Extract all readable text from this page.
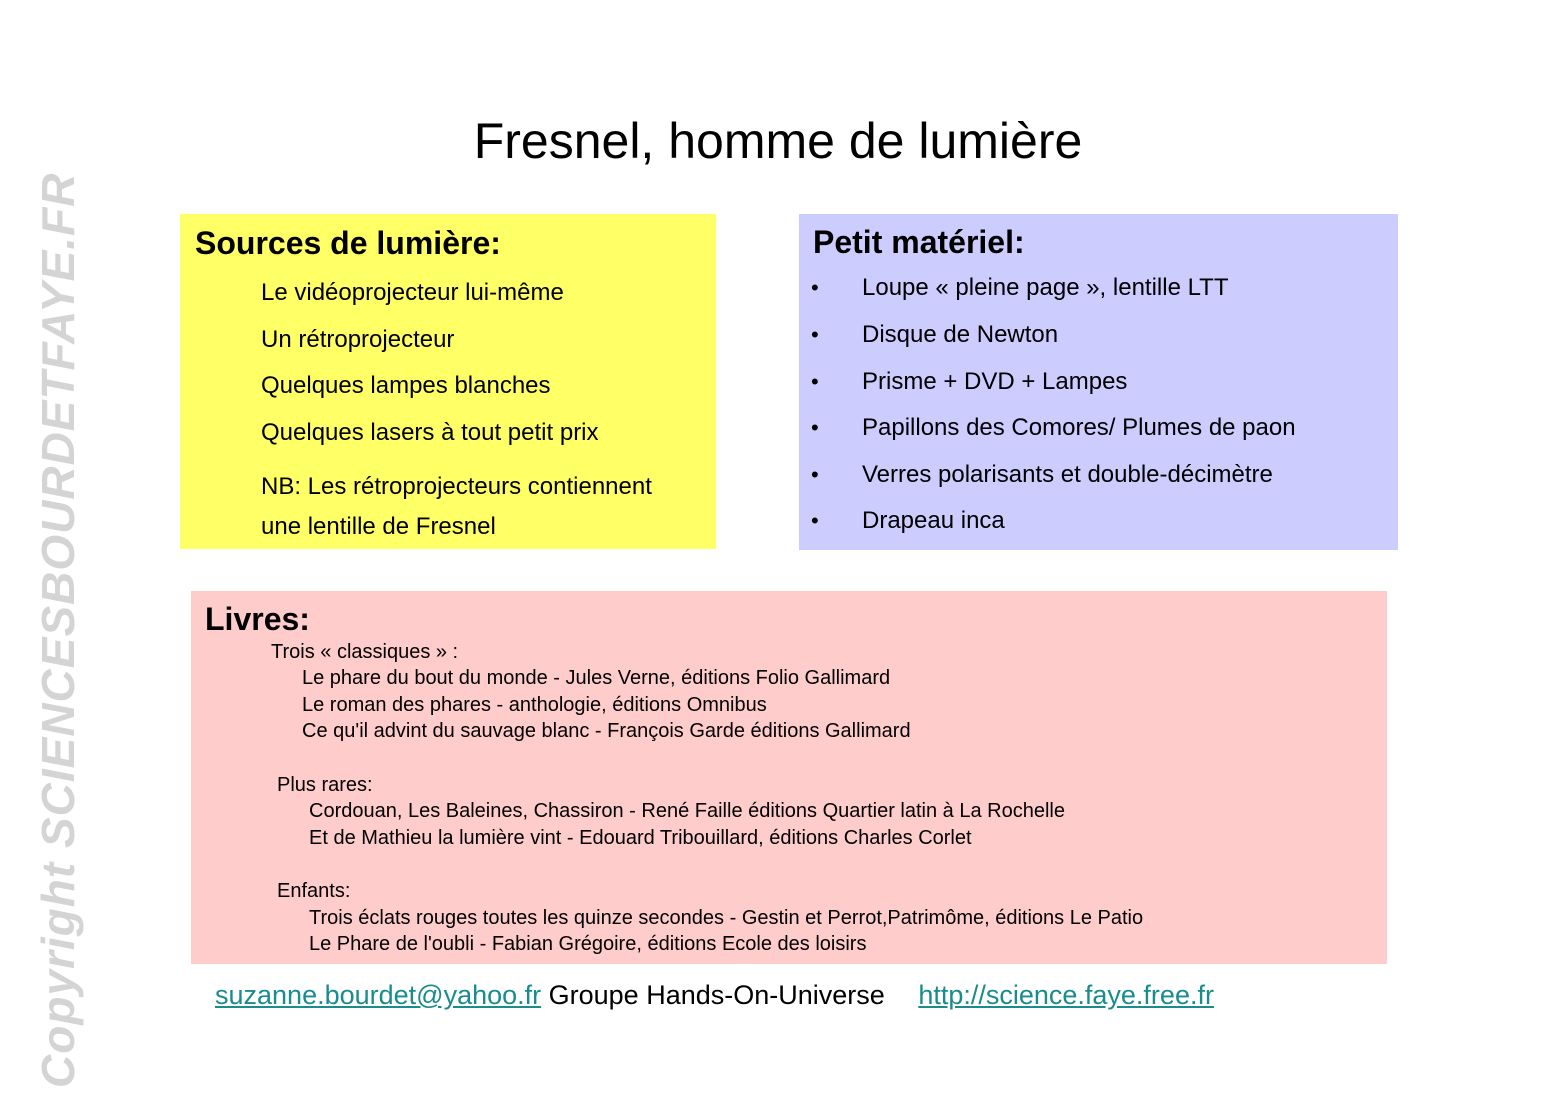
Copyright SCIENCESBOURDETFAYE.FR
Fresnel, homme de lumière
Sources de lumière:
Le vidéoprojecteur lui-même
Un rétroprojecteur
Quelques lampes blanches
Quelques lasers à tout petit prix
NB: Les rétroprojecteurs contiennent
une lentille de Fresnel
Petit matériel:
• Loupe « pleine page », lentille LTT
• Disque de Newton
• Prisme + DVD + Lampes
• Papillons des Comores/ Plumes de paon
• Verres polarisants et double-décimètre
• Drapeau inca
Livres:
Trois « classiques » :
Le phare du bout du monde - Jules Verne, éditions Folio Gallimard
Le roman des phares - anthologie, éditions Omnibus
Ce qu'il advint du sauvage blanc - François Garde éditions Gallimard
Plus rares:
Cordouan, Les Baleines, Chassiron - René Faille éditions Quartier latin à La Rochelle
Et de Mathieu la lumière vint - Edouard Tribouillard, éditions Charles Corlet
Enfants:
Trois éclats rouges toutes les quinze secondes - Gestin et Perrot,Patrimôme, éditions Le Patio
Le Phare de l'oubli - Fabian Grégoire, éditions Ecole des loisirs
suzanne.bourdet@yahoo.fr Groupe Hands-On-Universe http://science.faye.free.fr
